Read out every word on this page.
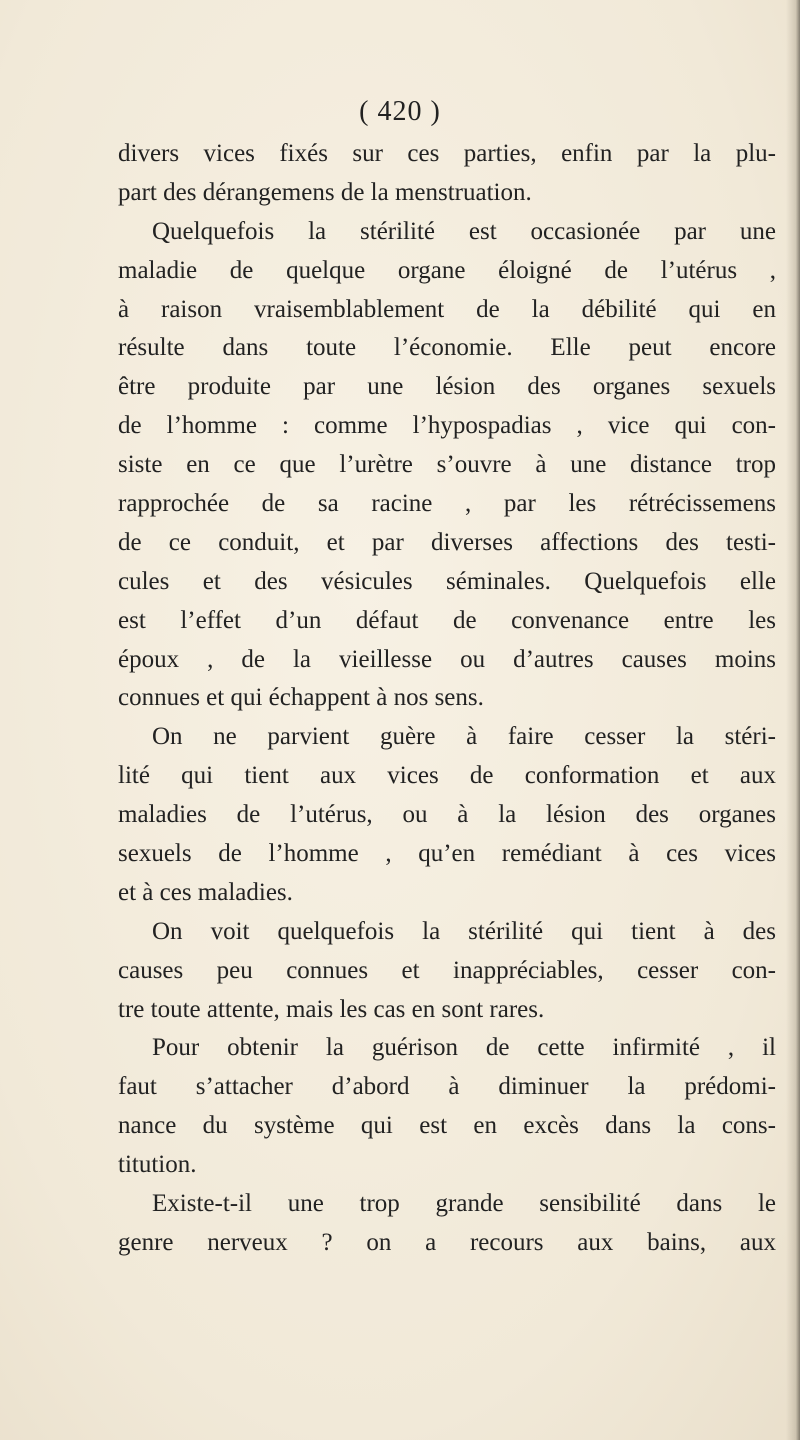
( 420 )
divers vices fixés sur ces parties, enfin par la plu-
part des dérangemens de la menstruation.
Quelquefois la stérilité est occasionée par une
maladie de quelque organe éloigné de l’utérus ,
à raison vraisemblablement de la débilité qui en
résulte dans toute l’économie. Elle peut encore
être produite par une lésion des organes sexuels
de l’homme : comme l’hypospadias , vice qui con-
siste en ce que l’urètre s’ouvre à une distance trop
rapprochée de sa racine , par les rétrécissemens
de ce conduit, et par diverses affections des testi-
cules et des vésicules séminales. Quelquefois elle
est l’effet d’un défaut de convenance entre les
époux , de la vieillesse ou d’autres causes moins
connues et qui échappent à nos sens.
On ne parvient guère à faire cesser la stéri-
lité qui tient aux vices de conformation et aux
maladies de l’utérus, ou à la lésion des organes
sexuels de l’homme , qu’en remédiant à ces vices
et à ces maladies.
On voit quelquefois la stérilité qui tient à des
causes peu connues et inappréciables, cesser con-
tre toute attente, mais les cas en sont rares.
Pour obtenir la guérison de cette infirmité , il
faut s’attacher d’abord à diminuer la prédomi-
nance du système qui est en excès dans la cons-
titution.
Existe-t-il une trop grande sensibilité dans le
genre nerveux ? on a recours aux bains, aux
